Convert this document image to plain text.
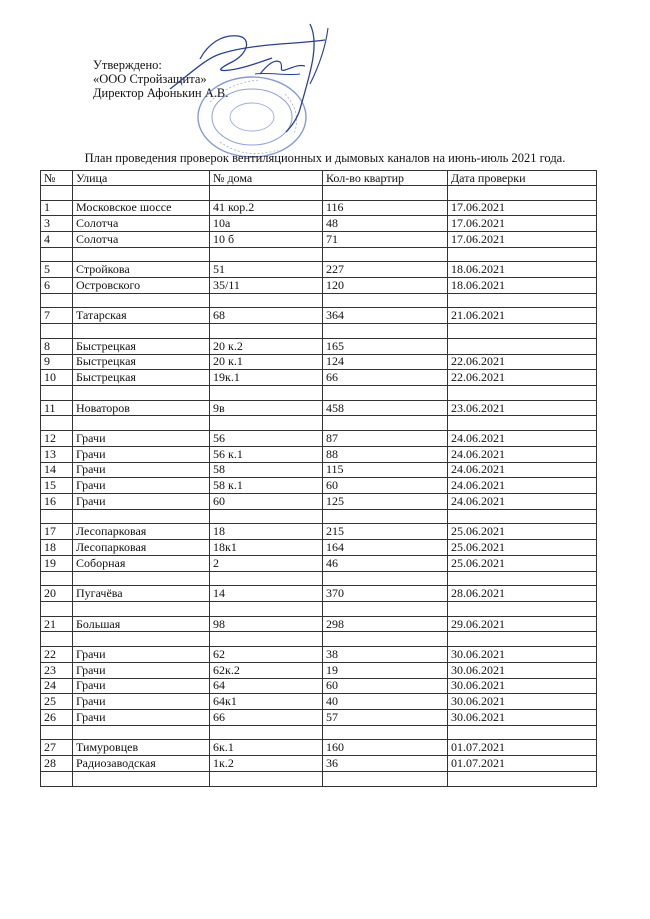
Утверждено:
«ООО Стройзащита»
Директор Афонькин А.В.
План проведения проверок вентиляционных и дымовых каналов на июнь-июль 2021 года.
№	Улица	№ дома	Кол-во квартир	Дата проверки

1	Московское шоссе	41 кор.2	116	17.06.2021
3	Солотча	10а	48	17.06.2021
4	Солотча	10 б	71	17.06.2021

5	Стройкова	51	227	18.06.2021
6	Островского	35/11	120	18.06.2021

7	Татарская	68	364	21.06.2021

8	Быстрецкая	20 к.2	165	
9	Быстрецкая	20 к.1	124	22.06.2021
10	Быстрецкая	19к.1	66	22.06.2021

11	Новаторов	9в	458	23.06.2021

12	Грачи	56	87	24.06.2021
13	Грачи	56 к.1	88	24.06.2021
14	Грачи	58	115	24.06.2021
15	Грачи	58 к.1	60	24.06.2021
16	Грачи	60	125	24.06.2021

17	Лесопарковая	18	215	25.06.2021
18	Лесопарковая	18к1	164	25.06.2021
19	Соборная	2	46	25.06.2021

20	Пугачёва	14	370	28.06.2021

21	Большая	98	298	29.06.2021

22	Грачи	62	38	30.06.2021
23	Грачи	62к.2	19	30.06.2021
24	Грачи	64	60	30.06.2021
25	Грачи	64к1	40	30.06.2021
26	Грачи	66	57	30.06.2021

27	Тимуровцев	6к.1	160	01.07.2021
28	Радиозаводская	1к.2	36	01.07.2021
